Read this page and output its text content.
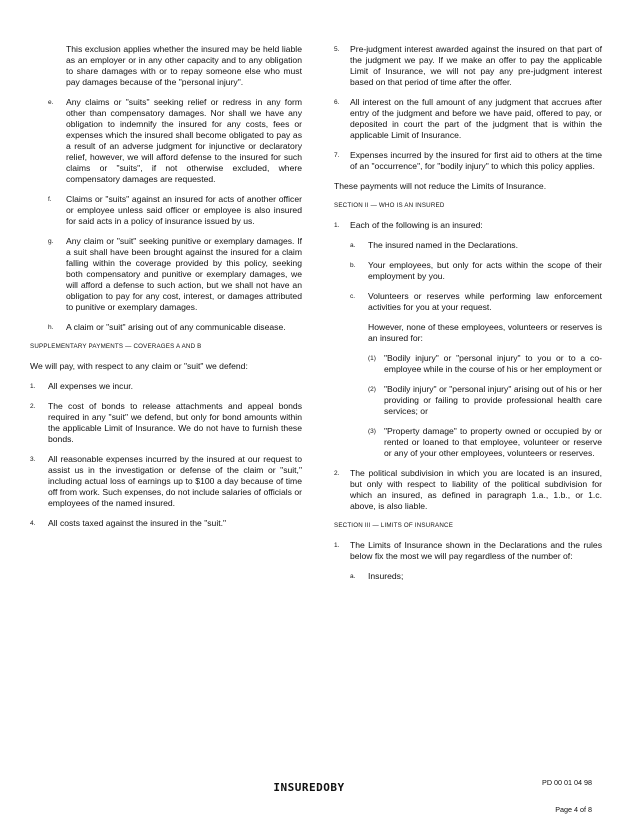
This exclusion applies whether the insured may be held liable as an employer or in any other capacity and to any obligation to share damages with or to repay someone else who must pay damages because of the "personal injury".

e.	Any claims or "suits" seeking relief or redress in any form other than compensatory damages. Nor shall we have any obligation to indemnify the insured for any costs, fees or expenses which the insured shall become obligated to pay as a result of an adverse judgment for injunctive or declaratory relief, however, we will afford defense to the insured for such claims or "suits", if not otherwise excluded, where compensatory damages are requested.
f.	Claims or "suits" against an insured for acts of another officer or employee unless said officer or employee is also insured for said acts in a policy of insurance issued by us.
g.	Any claim or "suit" seeking punitive or exemplary damages. If a suit shall have been brought against the insured for a claim falling within the coverage provided by this policy, seeking both compensatory and punitive or exemplary damages, we will afford a defense to such action, but we shall not have an obligation to pay for any cost, interest, or damages attributed to punitive or exemplary damages.
h.	A claim or "suit" arising out of any communicable disease.
SUPPLEMENTARY PAYMENTS — COVERAGES A AND B

We will pay, with respect to any claim or "suit" we defend:

1.	All expenses we incur.
2.	The cost of bonds to release attachments and appeal bonds required in any "suit" we defend, but only for bond amounts within the applicable Limit of Insurance. We do not have to furnish these bonds.
3.	All reasonable expenses incurred by the insured at our request to assist us in the investigation or defense of the claim or "suit," including actual loss of earnings up to $100 a day because of time off from work. Such expenses, do not include salaries of officials or employees of the named insured.
4.	All costs taxed against the insured in the "suit."
5.	Pre-judgment interest awarded against the insured on that part of the judgment we pay. If we make an offer to pay the applicable Limit of Insurance, we will not pay any pre-judgment interest based on that period of time after the offer.
6.	All interest on the full amount of any judgment that accrues after entry of the judgment and before we have paid, offered to pay, or deposited in court the part of the judgment that is within the applicable Limit of Insurance.
7.	Expenses incurred by the insured for first aid to others at the time of an "occurrence", for "bodily injury" to which this policy applies.

These payments will not reduce the Limits of Insurance.

SECTION II — WHO IS AN INSURED
1.	Each of the following is an insured:
a.	The insured named in the Declarations.
b.	Your employees, but only for acts within the scope of their employment by you.
c.	Volunteers or reserves while performing law enforcement activities for you at your request.

However, none of these employees, volunteers or reserves is an insured for:

(1) "Bodily injury" or "personal injury" to you or to a co-employee while in the course of his or her employment or
(2) "Bodily injury" or "personal injury" arising out of his or her providing or failing to provide professional health care services; or
(3) "Property damage" to property owned or occupied by or rented or loaned to that employee, volunteer or reserve or any of your other employees, volunteers or reserves.
2.	The political subdivision in which you are located is an insured, but only with respect to liability of the political subdivision for which an insured, as defined in paragraph 1.a., 1.b., or 1.c. above, is also liable.
SECTION III — LIMITS OF INSURANCE
1.	The Limits of Insurance shown in the Declarations and the rules below fix the most we will pay regardless of the number of:
a.	Insureds;

PD 00 01 04 98

Page 4 of 8

INSUREDOBY
